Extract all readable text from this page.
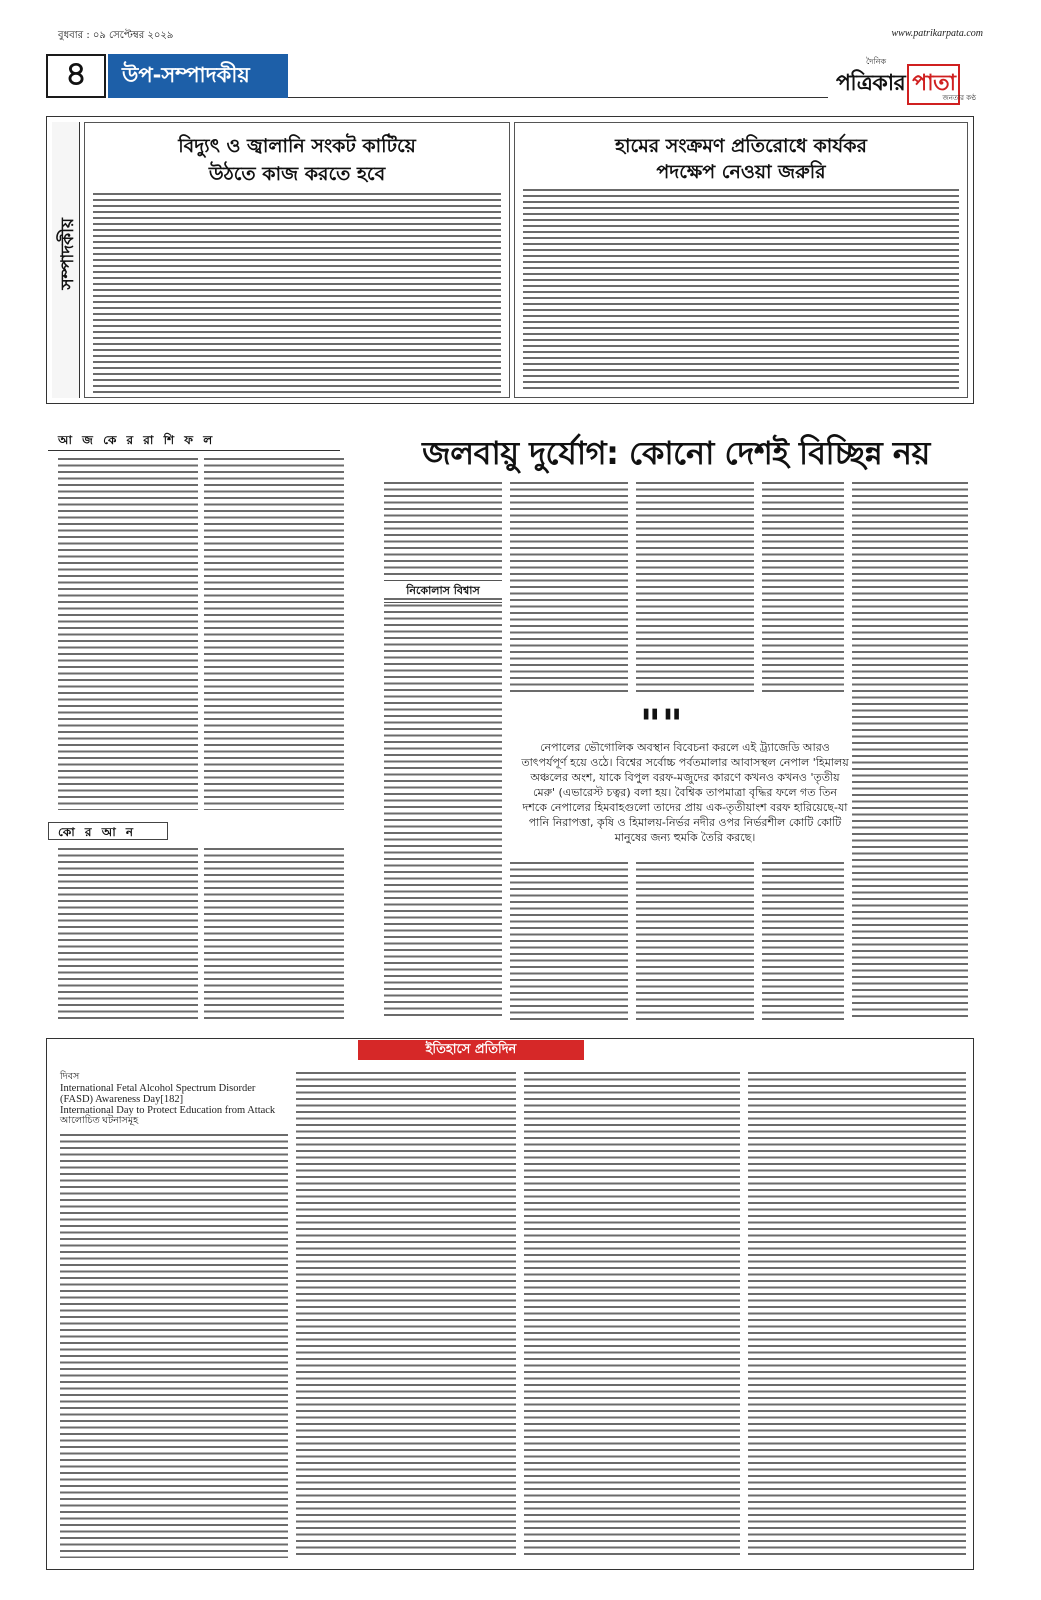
বুধবার : ০৯ সেপ্টেম্বর ২০২৯	www.patrikarpata.com
৪	উপ-সম্পাদকীয়
দৈনিক
পত্রিকার পাতা
জনতার কণ্ঠ
সম্পাদকীয়
বিদ্যুৎ ও জ্বালানি সংকট কাটিয়ে
উঠতে কাজ করতে হবে
হামের সংক্রমণ প্রতিরোধে কার্যকর
পদক্ষেপ নেওয়া জরুরি
আ জ কে র রা শি ফ ল
কো র আ ন
জলবায়ু দুর্যোগ: কোনো দেশই বিচ্ছিন্ন নয়
নিকোলাস বিশ্বাস
""
নেপালের ভৌগোলিক অবস্থান বিবেচনা করলে এই ট্র্যাজেডি আরও তাৎপর্যপূর্ণ হয়ে ওঠে। বিশ্বের সর্বোচ্চ পর্বতমালার আবাসস্থল নেপাল 'হিমালয় অঞ্চলের অংশ, যাকে বিপুল বরফ-মজুদের কারণে কখনও কখনও 'তৃতীয় মেরু' (এভারেস্ট চত্বর) বলা হয়। বৈশ্বিক তাপমাত্রা বৃদ্ধির ফলে গত তিন দশকে নেপালের হিমবাহগুলো তাদের প্রায় এক-তৃতীয়াংশ বরফ হারিয়েছে-যা পানি নিরাপত্তা, কৃষি ও হিমালয়-নির্ভর নদীর ওপর নির্ভরশীল কোটি কোটি মানুষের জন্য হুমকি তৈরি করছে।
ইতিহাসে প্রতিদিন
দিবস
International Fetal Alcohol Spectrum Disorder
(FASD) Awareness Day[182]
International Day to Protect Education from Attack
আলোচিত ঘটনাসমূহ
